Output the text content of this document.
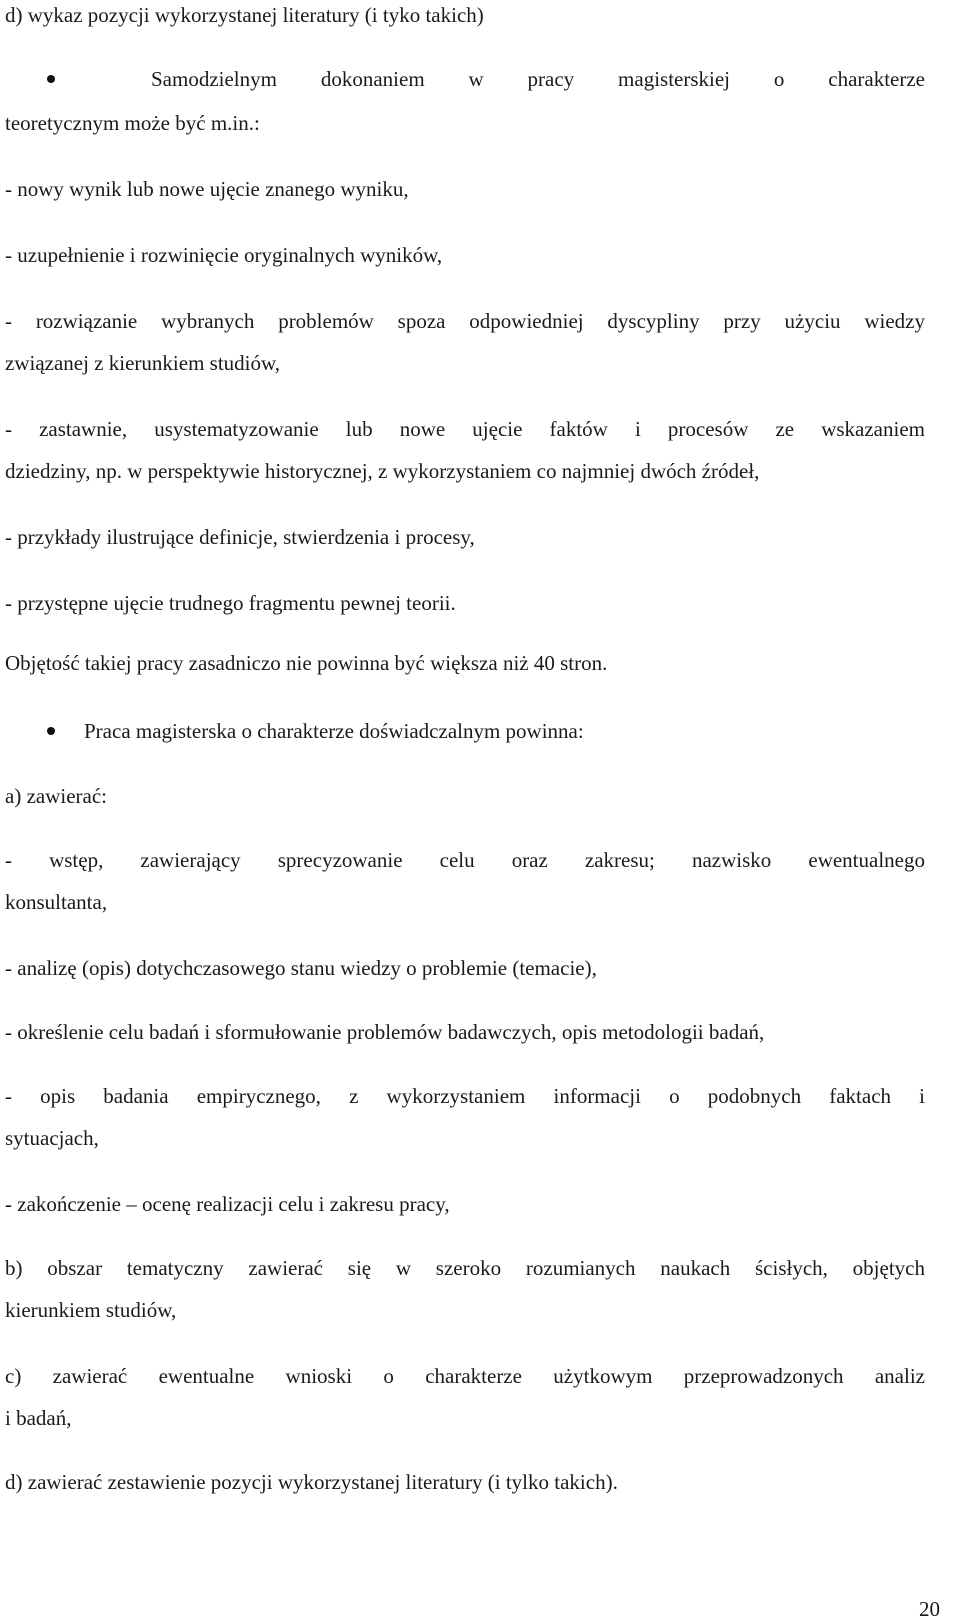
d) wykaz pozycji wykorzystanej literatury (i tyko takich)
Samodzielnym dokonaniem w pracy magisterskiej o charakterze
teoretycznym może być m.in.:
- nowy wynik lub nowe ujęcie znanego wyniku,
- uzupełnienie i rozwinięcie oryginalnych wyników,
- rozwiązanie wybranych problemów spoza odpowiedniej dyscypliny przy użyciu wiedzy
związanej z kierunkiem studiów,
- zastawnie, usystematyzowanie lub nowe ujęcie faktów i procesów ze wskazaniem
dziedziny, np. w perspektywie historycznej, z wykorzystaniem co najmniej dwóch źródeł,
- przykłady ilustrujące definicje, stwierdzenia i procesy,
- przystępne ujęcie trudnego fragmentu pewnej teorii.
Objętość takiej pracy zasadniczo nie powinna być większa niż 40 stron.
Praca magisterska o charakterze doświadczalnym powinna:
a) zawierać:
- wstęp, zawierający sprecyzowanie celu oraz zakresu; nazwisko ewentualnego
konsultanta,
- analizę (opis) dotychczasowego stanu wiedzy o problemie (temacie),
- określenie celu badań i sformułowanie problemów badawczych, opis metodologii badań,
- opis badania empirycznego, z wykorzystaniem informacji o podobnych faktach i
sytuacjach,
- zakończenie – ocenę realizacji celu i zakresu pracy,
b) obszar tematyczny zawierać się w szeroko rozumianych naukach ścisłych, objętych
kierunkiem studiów,
c) zawierać ewentualne wnioski o charakterze użytkowym przeprowadzonych analiz
i badań,
d) zawierać zestawienie pozycji wykorzystanej literatury (i tylko takich).
20
